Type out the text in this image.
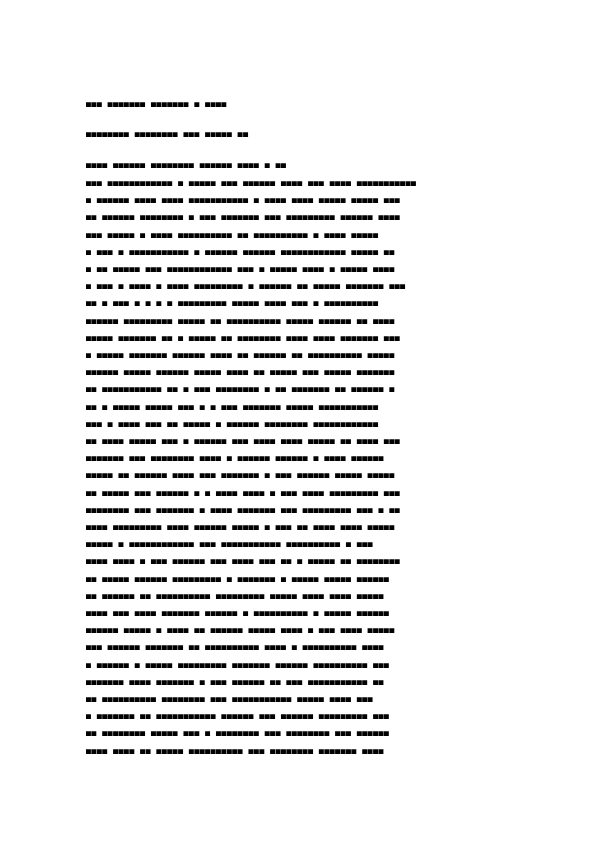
▄▄▄ ▄▄▄▄▄▄▄ ▄▄▄▄▄▄▄ ▄ ▄▄▄▄
▄▄▄▄▄▄▄▄ ▄▄▄▄▄▄▄▄ ▄▄▄ ▄▄▄▄▄ ▄▄
▄▄▄▄ ▄▄▄▄▄▄ ▄▄▄▄▄▄▄▄ ▄▄▄▄▄▄ ▄▄▄▄ ▄ ▄▄
▄▄▄ ▄▄▄▄▄▄▄▄▄▄▄▄ ▄ ▄▄▄▄▄ ▄▄▄ ▄▄▄▄▄▄ ▄▄▄▄ ▄▄▄ ▄▄▄▄ ▄▄▄▄▄▄▄▄▄▄▄
▄ ▄▄▄▄▄▄ ▄▄▄▄ ▄▄▄▄ ▄▄▄▄▄▄▄▄▄▄▄ ▄ ▄▄▄▄ ▄▄▄▄ ▄▄▄▄▄ ▄▄▄▄▄ ▄▄▄
▄▄ ▄▄▄▄▄▄ ▄▄▄▄▄▄▄▄ ▄ ▄▄▄ ▄▄▄▄▄▄▄ ▄▄▄ ▄▄▄▄▄▄▄▄▄ ▄▄▄▄▄▄ ▄▄▄▄
▄▄▄ ▄▄▄▄▄ ▄ ▄▄▄▄ ▄▄▄▄▄▄▄▄▄▄ ▄▄ ▄▄▄▄▄▄▄▄▄▄ ▄ ▄▄▄▄ ▄▄▄▄▄
▄ ▄▄▄ ▄ ▄▄▄▄▄▄▄▄▄▄▄ ▄ ▄▄▄▄▄▄ ▄▄▄▄▄▄ ▄▄▄▄▄▄▄▄▄▄▄▄ ▄▄▄▄▄ ▄▄
▄ ▄▄ ▄▄▄▄▄ ▄▄▄ ▄▄▄▄▄▄▄▄▄▄▄▄ ▄▄▄ ▄ ▄▄▄▄▄ ▄▄▄▄ ▄ ▄▄▄▄▄ ▄▄▄▄
▄ ▄▄▄ ▄ ▄▄▄▄ ▄ ▄▄▄▄ ▄▄▄▄▄▄▄▄▄ ▄ ▄▄▄▄▄▄ ▄▄ ▄▄▄▄▄ ▄▄▄▄▄▄▄ ▄▄▄
▄▄ ▄ ▄▄▄ ▄ ▄ ▄ ▄ ▄▄▄▄▄▄▄▄▄ ▄▄▄▄▄ ▄▄▄▄ ▄▄▄ ▄ ▄▄▄▄▄▄▄▄▄▄
▄▄▄▄▄▄ ▄▄▄▄▄▄▄▄▄ ▄▄▄▄▄ ▄▄ ▄▄▄▄▄▄▄▄▄▄ ▄▄▄▄▄ ▄▄▄▄▄▄ ▄▄ ▄▄▄▄
▄▄▄▄▄ ▄▄▄▄▄▄▄ ▄▄ ▄ ▄▄▄▄▄ ▄▄ ▄▄▄▄▄▄▄▄ ▄▄▄▄ ▄▄▄▄ ▄▄▄▄▄▄▄ ▄▄▄
▄ ▄▄▄▄▄ ▄▄▄▄▄▄▄ ▄▄▄▄▄▄ ▄▄▄▄ ▄▄ ▄▄▄▄▄▄ ▄▄ ▄▄▄▄▄▄▄▄▄▄ ▄▄▄▄▄
▄▄▄▄▄▄ ▄▄▄▄▄ ▄▄▄▄▄▄ ▄▄▄▄▄ ▄▄▄▄ ▄▄ ▄▄▄▄▄ ▄▄▄ ▄▄▄▄▄ ▄▄▄▄▄▄▄
▄▄ ▄▄▄▄▄▄▄▄▄▄▄ ▄▄ ▄ ▄▄▄ ▄▄▄▄▄▄▄▄ ▄ ▄▄ ▄▄▄▄▄▄▄ ▄▄ ▄▄▄▄▄▄ ▄
▄▄ ▄ ▄▄▄▄▄ ▄▄▄▄▄ ▄▄▄ ▄ ▄ ▄▄▄ ▄▄▄▄▄▄▄ ▄▄▄▄▄ ▄▄▄▄▄▄▄▄▄▄▄
▄▄▄ ▄ ▄▄▄▄ ▄▄▄ ▄▄ ▄▄▄▄▄ ▄ ▄▄▄▄▄▄ ▄▄▄▄▄▄▄▄ ▄▄▄▄▄▄▄▄▄▄▄▄
▄▄ ▄▄▄▄ ▄▄▄▄▄ ▄▄▄ ▄ ▄▄▄▄▄▄ ▄▄▄ ▄▄▄▄ ▄▄▄▄ ▄▄▄▄▄ ▄▄ ▄▄▄▄ ▄▄▄
▄▄▄▄▄▄▄ ▄▄▄ ▄▄▄▄▄▄▄▄ ▄▄▄▄ ▄ ▄▄▄▄▄▄ ▄▄▄▄▄▄ ▄ ▄▄▄▄ ▄▄▄▄▄▄
▄▄▄▄▄ ▄▄ ▄▄▄▄▄▄ ▄▄▄▄ ▄▄▄ ▄▄▄▄▄▄▄ ▄ ▄▄▄ ▄▄▄▄▄▄ ▄▄▄▄▄ ▄▄▄▄▄
▄▄ ▄▄▄▄▄ ▄▄▄ ▄▄▄▄▄▄ ▄ ▄ ▄▄▄▄ ▄▄▄▄ ▄ ▄▄▄ ▄▄▄▄ ▄▄▄▄▄▄▄▄▄ ▄▄▄
▄▄▄▄▄▄▄▄ ▄▄▄ ▄▄▄▄▄▄▄ ▄ ▄▄▄▄ ▄▄▄▄▄▄▄ ▄▄▄ ▄▄▄▄▄▄▄▄▄ ▄▄▄ ▄ ▄▄
▄▄▄▄ ▄▄▄▄▄▄▄▄▄ ▄▄▄▄ ▄▄▄▄▄▄ ▄▄▄▄▄ ▄ ▄▄▄ ▄▄ ▄▄▄▄ ▄▄▄▄ ▄▄▄▄▄
▄▄▄▄▄ ▄ ▄▄▄▄▄▄▄▄▄▄▄▄ ▄▄▄ ▄▄▄▄▄▄▄▄▄▄▄ ▄▄▄▄▄▄▄▄▄▄ ▄ ▄▄▄
▄▄▄▄ ▄▄▄▄ ▄ ▄▄▄ ▄▄▄▄▄▄ ▄▄▄ ▄▄▄▄ ▄▄▄ ▄▄ ▄ ▄▄▄▄▄ ▄▄ ▄▄▄▄▄▄▄▄
▄▄ ▄▄▄▄▄ ▄▄▄▄▄▄ ▄▄▄▄▄▄▄▄▄ ▄ ▄▄▄▄▄▄▄ ▄ ▄▄▄▄▄ ▄▄▄▄▄ ▄▄▄▄▄▄
▄▄ ▄▄▄▄▄▄ ▄▄ ▄▄▄▄▄▄▄▄▄▄ ▄▄▄▄▄▄▄▄▄ ▄▄▄▄▄ ▄▄▄▄ ▄▄▄▄ ▄▄▄▄▄
▄▄▄▄ ▄▄▄ ▄▄▄▄ ▄▄▄▄▄▄▄ ▄▄▄▄▄▄ ▄ ▄▄▄▄▄▄▄▄▄▄ ▄ ▄▄▄▄▄ ▄▄▄▄▄▄
▄▄▄▄▄▄ ▄▄▄▄▄ ▄ ▄▄▄▄ ▄▄ ▄▄▄▄▄▄ ▄▄▄▄▄ ▄▄▄▄ ▄ ▄▄▄ ▄▄▄▄ ▄▄▄▄▄
▄▄▄ ▄▄▄▄▄▄ ▄▄▄▄▄▄▄ ▄▄ ▄▄▄▄▄▄▄▄▄▄ ▄▄▄▄ ▄ ▄▄▄▄▄▄▄▄▄▄ ▄▄▄▄
▄ ▄▄▄▄▄▄ ▄ ▄▄▄▄▄ ▄▄▄▄▄▄▄▄▄ ▄▄▄▄▄▄▄ ▄▄▄▄▄▄ ▄▄▄▄▄▄▄▄▄▄ ▄▄▄
▄▄▄▄▄▄▄ ▄▄▄▄ ▄▄▄▄▄▄▄ ▄ ▄▄▄ ▄▄▄▄▄▄ ▄▄ ▄▄▄ ▄▄▄▄▄▄▄▄▄▄▄ ▄▄
▄▄ ▄▄▄▄▄▄▄▄▄▄ ▄▄▄▄▄▄▄▄ ▄▄▄ ▄▄▄▄▄▄▄▄▄▄▄ ▄▄▄▄▄ ▄▄▄▄ ▄▄▄
▄ ▄▄▄▄▄▄▄ ▄▄ ▄▄▄▄▄▄▄▄▄▄▄ ▄▄▄▄▄▄ ▄▄▄ ▄▄▄▄▄▄ ▄▄▄▄▄▄▄▄▄ ▄▄▄
▄▄ ▄▄▄▄▄▄▄▄ ▄▄▄▄▄ ▄▄▄ ▄ ▄▄▄▄▄▄▄▄ ▄▄▄ ▄▄▄▄▄▄▄▄ ▄▄▄ ▄▄▄▄▄▄
▄▄▄▄ ▄▄▄▄ ▄▄ ▄▄▄▄▄ ▄▄▄▄▄▄▄▄▄▄ ▄▄▄ ▄▄▄▄▄▄▄▄ ▄▄▄▄▄▄▄ ▄▄▄▄
